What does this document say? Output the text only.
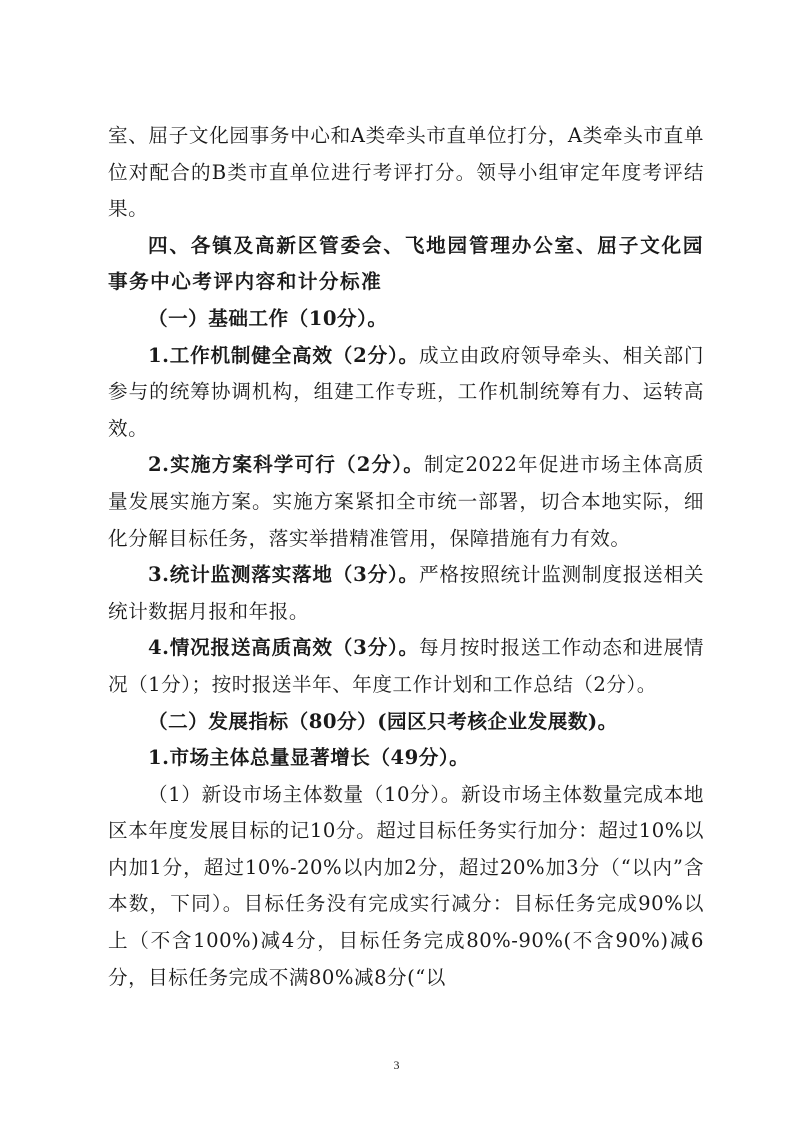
室、屈子文化园事务中心和A类牵头市直单位打分，A类牵头市直单位对配合的B类市直单位进行考评打分。领导小组审定年度考评结果。

四、各镇及高新区管委会、飞地园管理办公室、屈子文化园事务中心考评内容和计分标准

（一）基础工作（10分）。

1.工作机制健全高效（2分）。成立由政府领导牵头、相关部门参与的统筹协调机构，组建工作专班，工作机制统筹有力、运转高效。

2.实施方案科学可行（2分）。制定2022年促进市场主体高质量发展实施方案。实施方案紧扣全市统一部署，切合本地实际，细化分解目标任务，落实举措精准管用，保障措施有力有效。

3.统计监测落实落地（3分）。严格按照统计监测制度报送相关统计数据月报和年报。

4.情况报送高质高效（3分）。每月按时报送工作动态和进展情况（1分）；按时报送半年、年度工作计划和工作总结（2分）。

（二）发展指标（80分）(园区只考核企业发展数)。

1.市场主体总量显著增长（49分）。

（1）新设市场主体数量（10分）。新设市场主体数量完成本地区本年度发展目标的记10分。超过目标任务实行加分：超过10%以内加1分，超过10%-20%以内加2分，超过20%加3分（“以内”含本数，下同）。目标任务没有完成实行减分：目标任务完成90%以上（不含100%)减4分，目标任务完成80%-90%(不含90%)减6分，目标任务完成不满80%减8分(“以

3
